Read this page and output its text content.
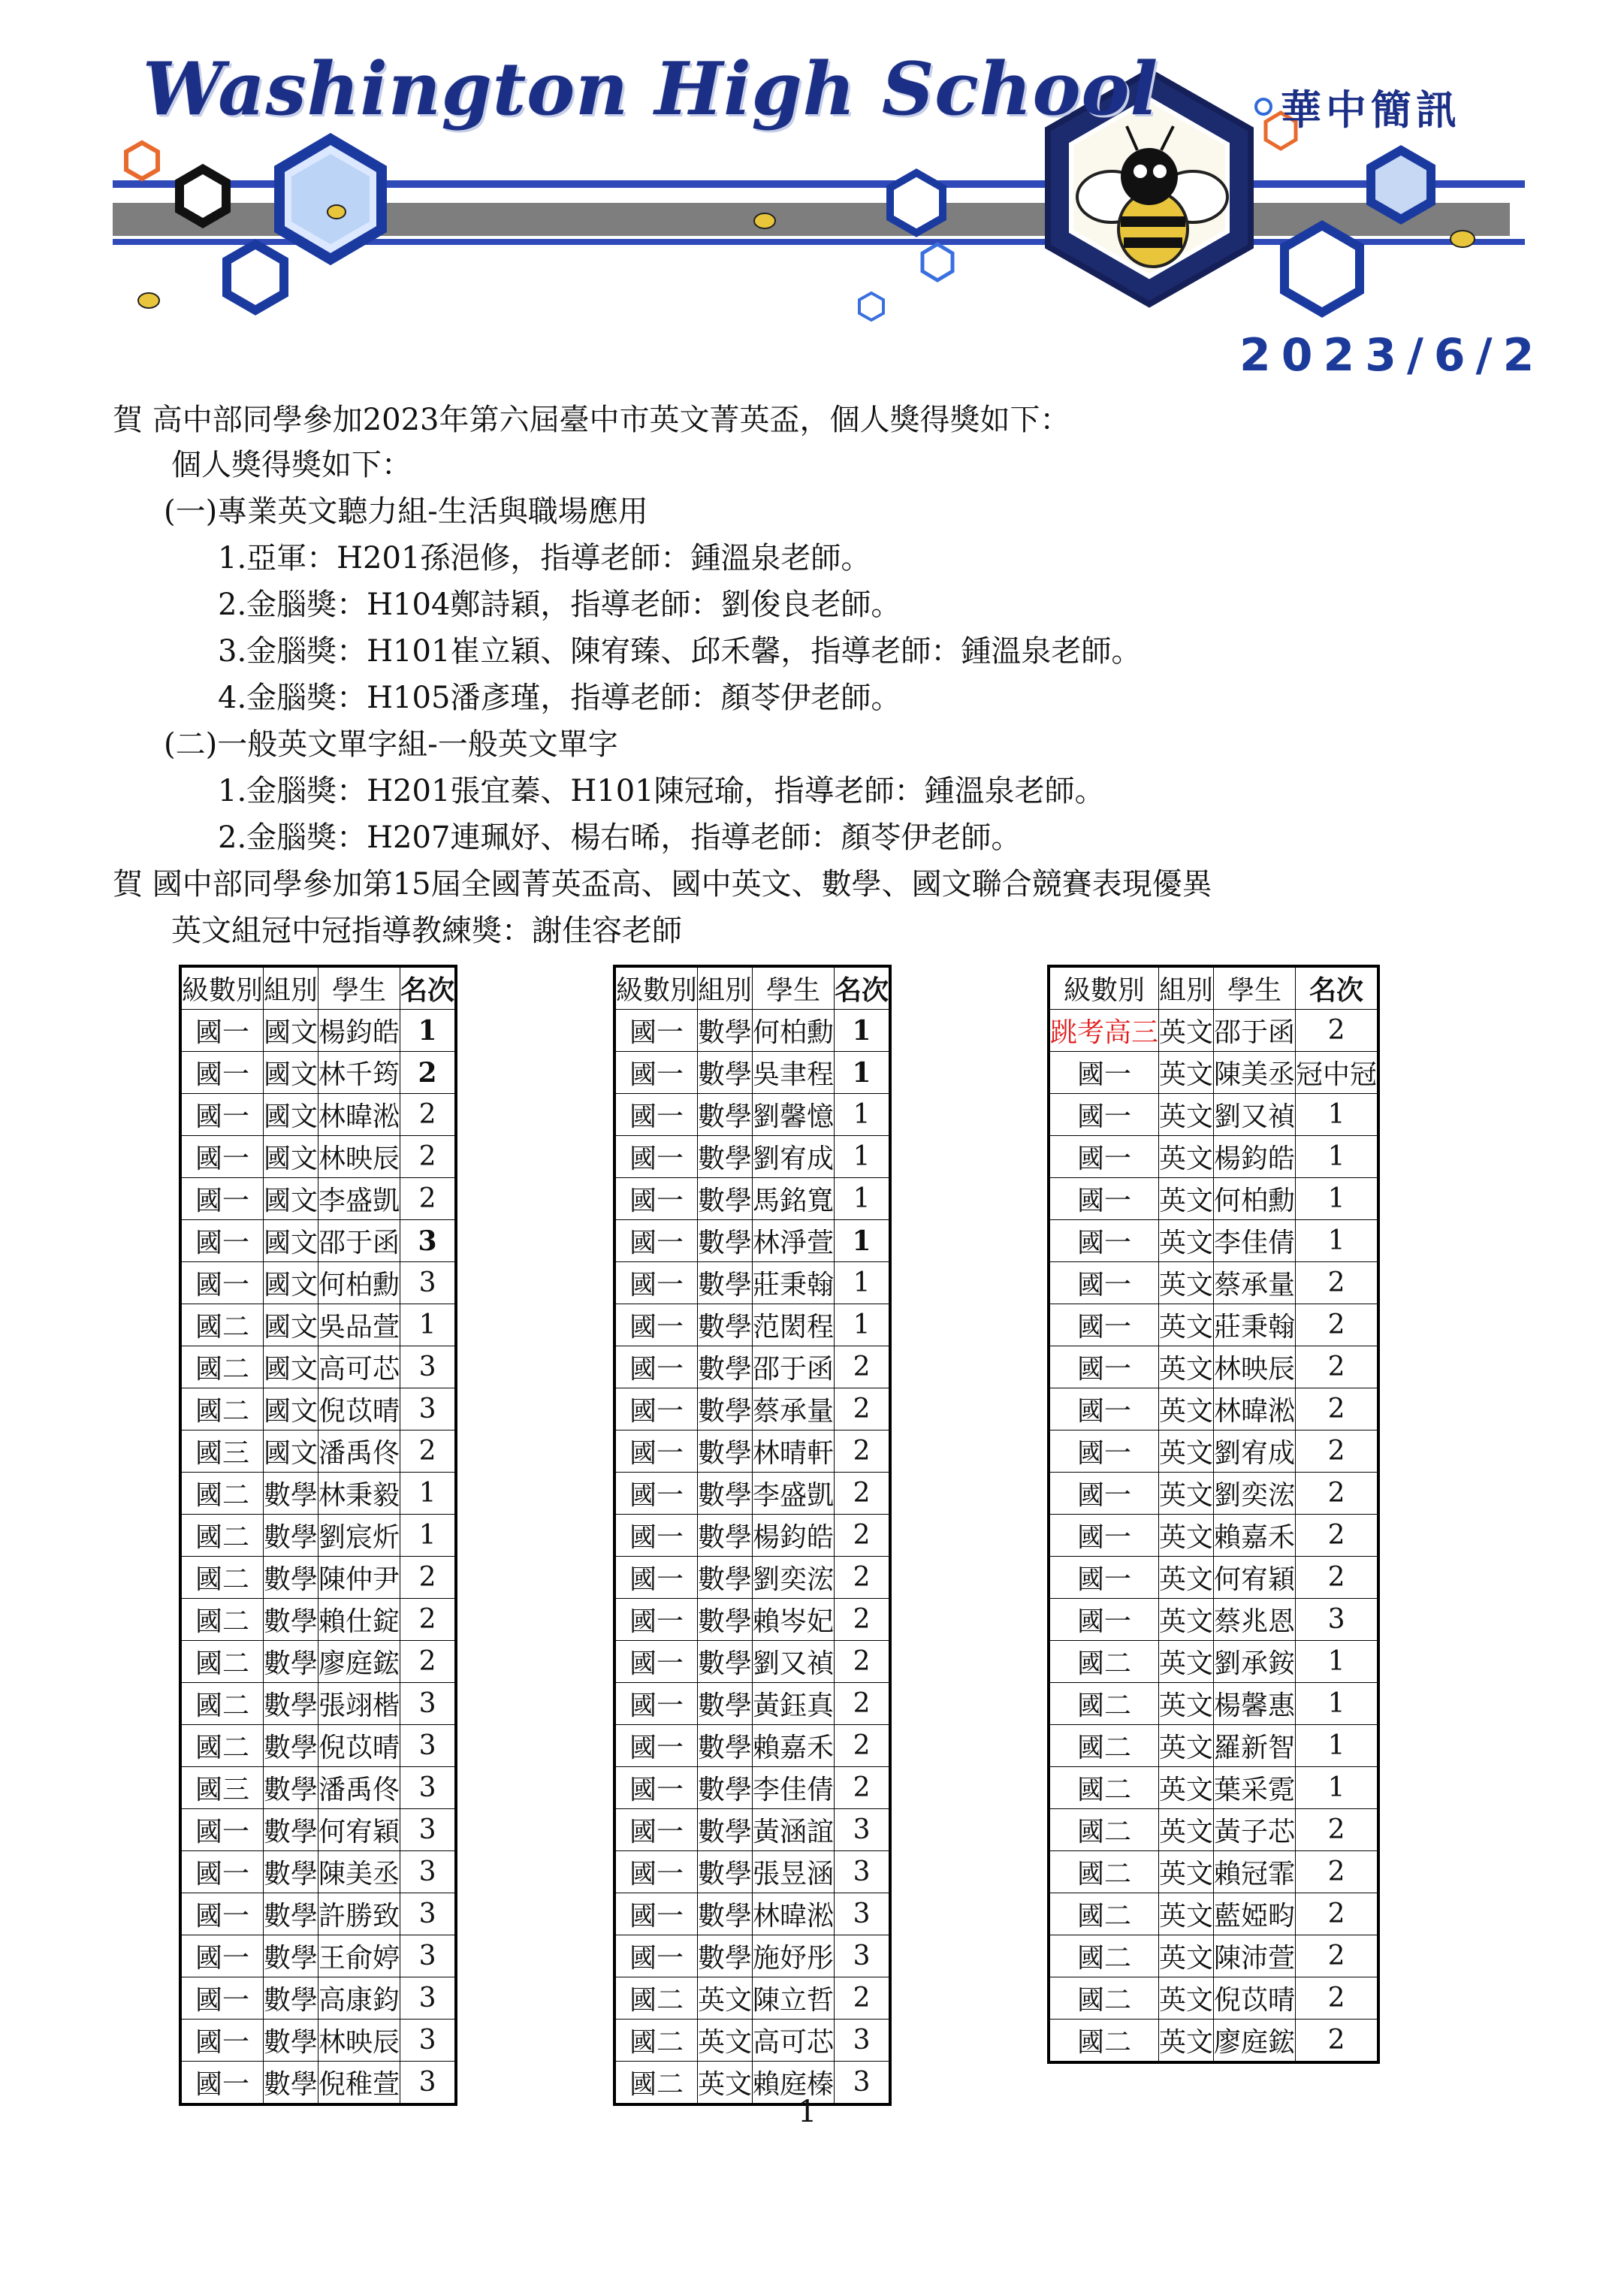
Washington High School	華中簡訊

2023/6/2

賀 高中部同學參加2023年第六屆臺中市英文菁英盃，個人獎得獎如下：

個人獎得獎如下：

(一)專業英文聽力組-生活與職場應用

1.亞軍：H201孫浥修，指導老師：鍾溫泉老師。

2.金腦獎：H104鄭詩穎，指導老師：劉俊良老師。

3.金腦獎：H101崔立穎、陳宥臻、邱禾馨，指導老師：鍾溫泉老師。

4.金腦獎：H105潘彥瑾，指導老師：顏苓伊老師。

(二)一般英文單字組-一般英文單字

1.金腦獎：H201張宜蓁、H101陳冠瑜，指導老師：鍾溫泉老師。

2.金腦獎：H207連珮妤、楊右晞，指導老師：顏苓伊老師。

賀 國中部同學參加第15屆全國菁英盃高、國中英文、數學、國文聯合競賽表現優異

英文組冠中冠指導教練獎：謝佳容老師

級數別	組別	學生	名次
國一	國文	楊鈞皓	1
國一	國文	林千筠	2
國一	國文	林暐淞	2
國一	國文	林映辰	2
國一	國文	李盛凱	2
國一	國文	邵于函	3
國一	國文	何柏勳	3
國二	國文	吳品萱	1
國二	國文	高可芯	3
國二	國文	倪苡晴	3
國三	國文	潘禹佟	2
國二	數學	林秉毅	1
國二	數學	劉宸炘	1
國二	數學	陳仲尹	2
國二	數學	賴仕錠	2
國二	數學	廖庭鋐	2
國二	數學	張翊楷	3
國二	數學	倪苡晴	3
國三	數學	潘禹佟	3
國一	數學	何宥穎	3
國一	數學	陳美丞	3
國一	數學	許勝致	3
國一	數學	王俞婷	3
國一	數學	高康鈞	3
國一	數學	林映辰	3
國一	數學	倪稚萱	3
級數別	組別	學生	名次
國一	數學	何柏勳	1
國一	數學	吳聿程	1
國一	數學	劉馨憶	1
國一	數學	劉宥成	1
國一	數學	馬銘寬	1
國一	數學	林淨萱	1
國一	數學	莊秉翰	1
國一	數學	范閎程	1
國一	數學	邵于函	2
國一	數學	蔡承量	2
國一	數學	林晴軒	2
國一	數學	李盛凱	2
國一	數學	楊鈞皓	2
國一	數學	劉奕浤	2
國一	數學	賴岑妃	2
國一	數學	劉又禎	2
國一	數學	黃鈺真	2
國一	數學	賴嘉禾	2
國一	數學	李佳倩	2
國一	數學	黃涵誼	3
國一	數學	張昱涵	3
國一	數學	林暐淞	3
國一	數學	施妤彤	3
國二	英文	陳立哲	2
國二	英文	高可芯	3
國二	英文	賴庭榛	3
級數別	組別	學生	名次
跳考高三	英文	邵于函	2
國一	英文	陳美丞	冠中冠
國一	英文	劉又禎	1
國一	英文	楊鈞皓	1
國一	英文	何柏勳	1
國一	英文	李佳倩	1
國一	英文	蔡承量	2
國一	英文	莊秉翰	2
國一	英文	林映辰	2
國一	英文	林暐淞	2
國一	英文	劉宥成	2
國一	英文	劉奕浤	2
國一	英文	賴嘉禾	2
國一	英文	何宥穎	2
國一	英文	蔡兆恩	3
國二	英文	劉承銨	1
國二	英文	楊馨惠	1
國二	英文	羅新智	1
國二	英文	葉采霓	1
國二	英文	黃子芯	2
國二	英文	賴冠霏	2
國二	英文	藍婭畇	2
國二	英文	陳沛萱	2
國二	英文	倪苡晴	2
國二	英文	廖庭鋐	2

1
